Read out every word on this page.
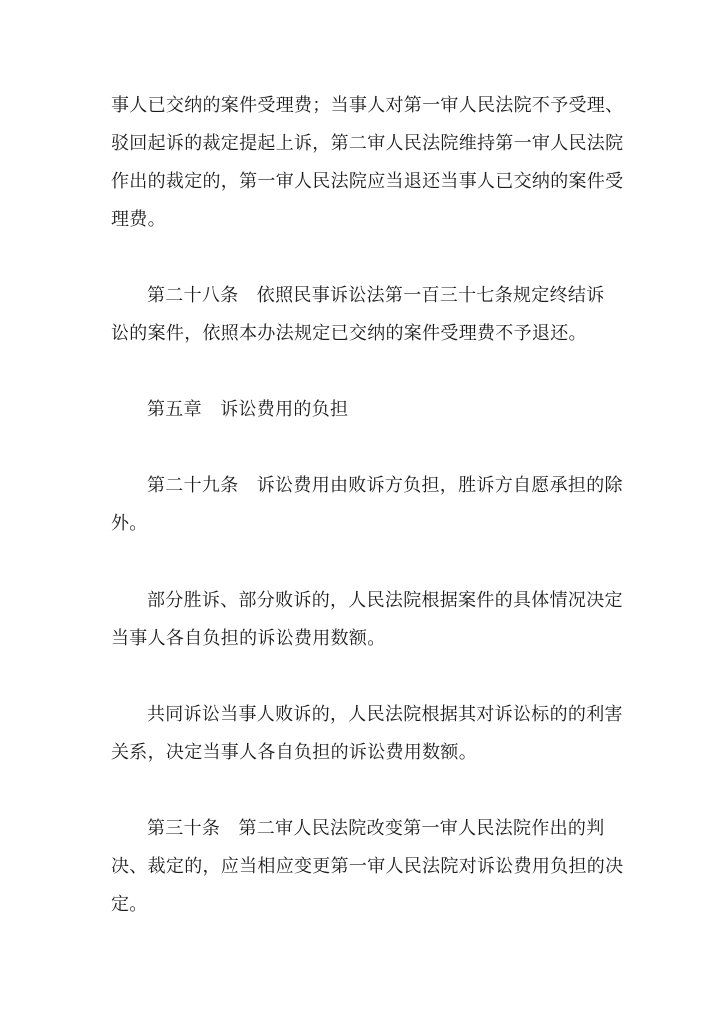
事人已交纳的案件受理费；当事人对第一审人民法院不予受理、
驳回起诉的裁定提起上诉，第二审人民法院维持第一审人民法院
作出的裁定的，第一审人民法院应当退还当事人已交纳的案件受
理费。
第二十八条　依照民事诉讼法第一百三十七条规定终结诉
讼的案件，依照本办法规定已交纳的案件受理费不予退还。
第五章　诉讼费用的负担
第二十九条　诉讼费用由败诉方负担，胜诉方自愿承担的除
外。
部分胜诉、部分败诉的，人民法院根据案件的具体情况决定
当事人各自负担的诉讼费用数额。
共同诉讼当事人败诉的，人民法院根据其对诉讼标的的利害
关系，决定当事人各自负担的诉讼费用数额。
第三十条　第二审人民法院改变第一审人民法院作出的判
决、裁定的，应当相应变更第一审人民法院对诉讼费用负担的决
定。
